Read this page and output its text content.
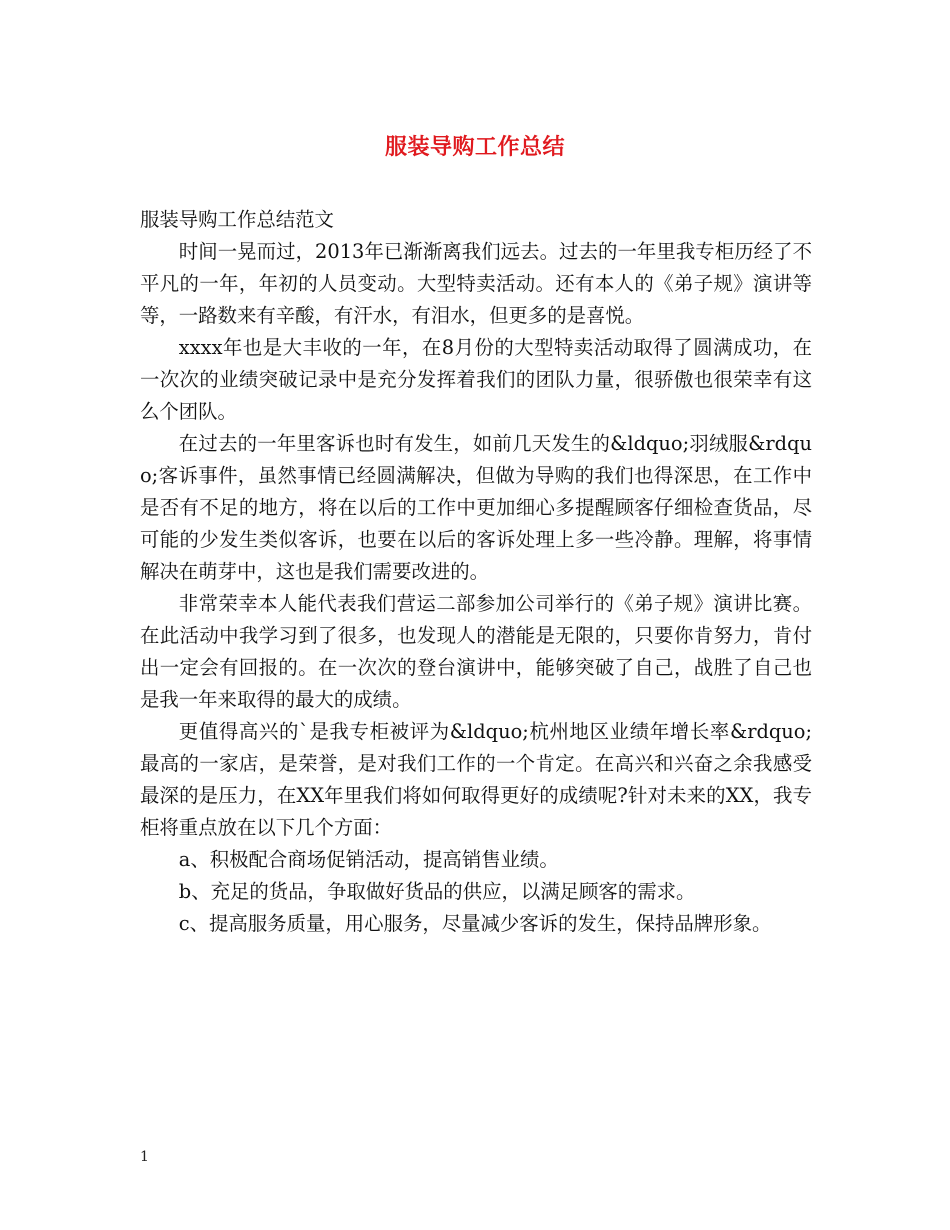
服装导购工作总结

服装导购工作总结范文

时间一晃而过，2013年已渐渐离我们远去。过去的一年里我专柜历经了不平凡的一年，年初的人员变动。大型特卖活动。还有本人的《弟子规》演讲等等，一路数来有辛酸，有汗水，有泪水，但更多的是喜悦。

xxxx年也是大丰收的一年，在8月份的大型特卖活动取得了圆满成功，在一次次的业绩突破记录中是充分发挥着我们的团队力量，很骄傲也很荣幸有这么个团队。

在过去的一年里客诉也时有发生，如前几天发生的&ldquo;羽绒服&rdquo;客诉事件，虽然事情已经圆满解决，但做为导购的我们也得深思，在工作中是否有不足的地方，将在以后的工作中更加细心多提醒顾客仔细检查货品，尽可能的少发生类似客诉，也要在以后的客诉处理上多一些冷静。理解，将事情解决在萌芽中，这也是我们需要改进的。

非常荣幸本人能代表我们营运二部参加公司举行的《弟子规》演讲比赛。在此活动中我学习到了很多，也发现人的潜能是无限的，只要你肯努力，肯付出一定会有回报的。在一次次的登台演讲中，能够突破了自己，战胜了自己也是我一年来取得的最大的成绩。

更值得高兴的`是我专柜被评为&ldquo;杭州地区业绩年增长率&rdquo;最高的一家店，是荣誉，是对我们工作的一个肯定。在高兴和兴奋之余我感受最深的是压力，在XX年里我们将如何取得更好的成绩呢?针对未来的XX，我专柜将重点放在以下几个方面：

a、积极配合商场促销活动，提高销售业绩。

b、充足的货品，争取做好货品的供应，以满足顾客的需求。

c、提高服务质量，用心服务，尽量减少客诉的发生，保持品牌形象。

1
